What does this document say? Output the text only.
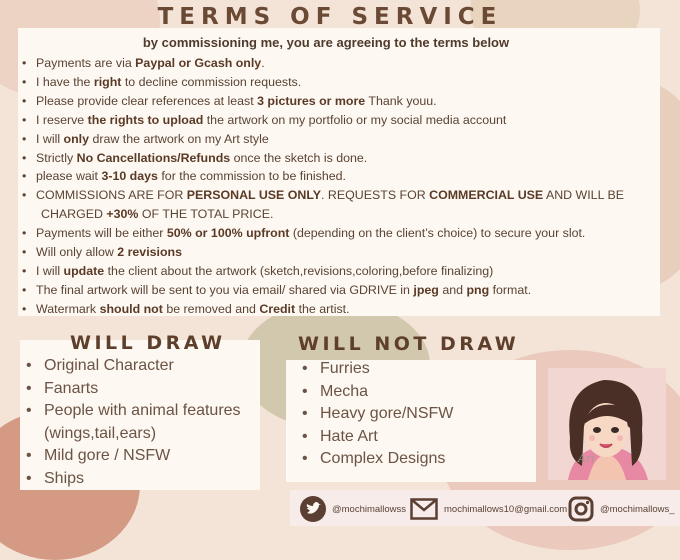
TERMS OF SERVICE
by commissioning me, you are agreeing to the terms below
• Payments are via Paypal or Gcash only.
• I have the right to decline commission requests.
• Please provide clear references at least 3 pictures or more Thank youu.
• I reserve the rights to upload the artwork on my portfolio or my social media account
• I will only draw the artwork on my Art style
• Strictly No Cancellations/Refunds once the sketch is done.
• please wait 3-10 days for the commission to be finished.
• COMMISSIONS ARE FOR PERSONAL USE ONLY. REQUESTS FOR COMMERCIAL USE AND WILL BE
CHARGED +30% OF THE TOTAL PRICE.
• Payments will be either 50% or 100% upfront (depending on the client’s choice) to secure your slot.
• Will only allow 2 revisions
• I will update the client about the artwork (sketch,revisions,coloring,before finalizing)
• The final artwork will be sent to you via email/ shared via GDRIVE in jpeg and png format.
• Watermark should not be removed and Credit the artist.
WILL DRAW
• Original Character
• Fanarts
• People with animal features
(wings,tail,ears)
• Mild gore / NSFW
• Ships
WILL NOT DRAW
• Furries
• Mecha
• Heavy gore/NSFW
• Hate Art
• Complex Designs	Ari
@mochimallowss	mochimallows10@gmail.com	@mochimallows_
